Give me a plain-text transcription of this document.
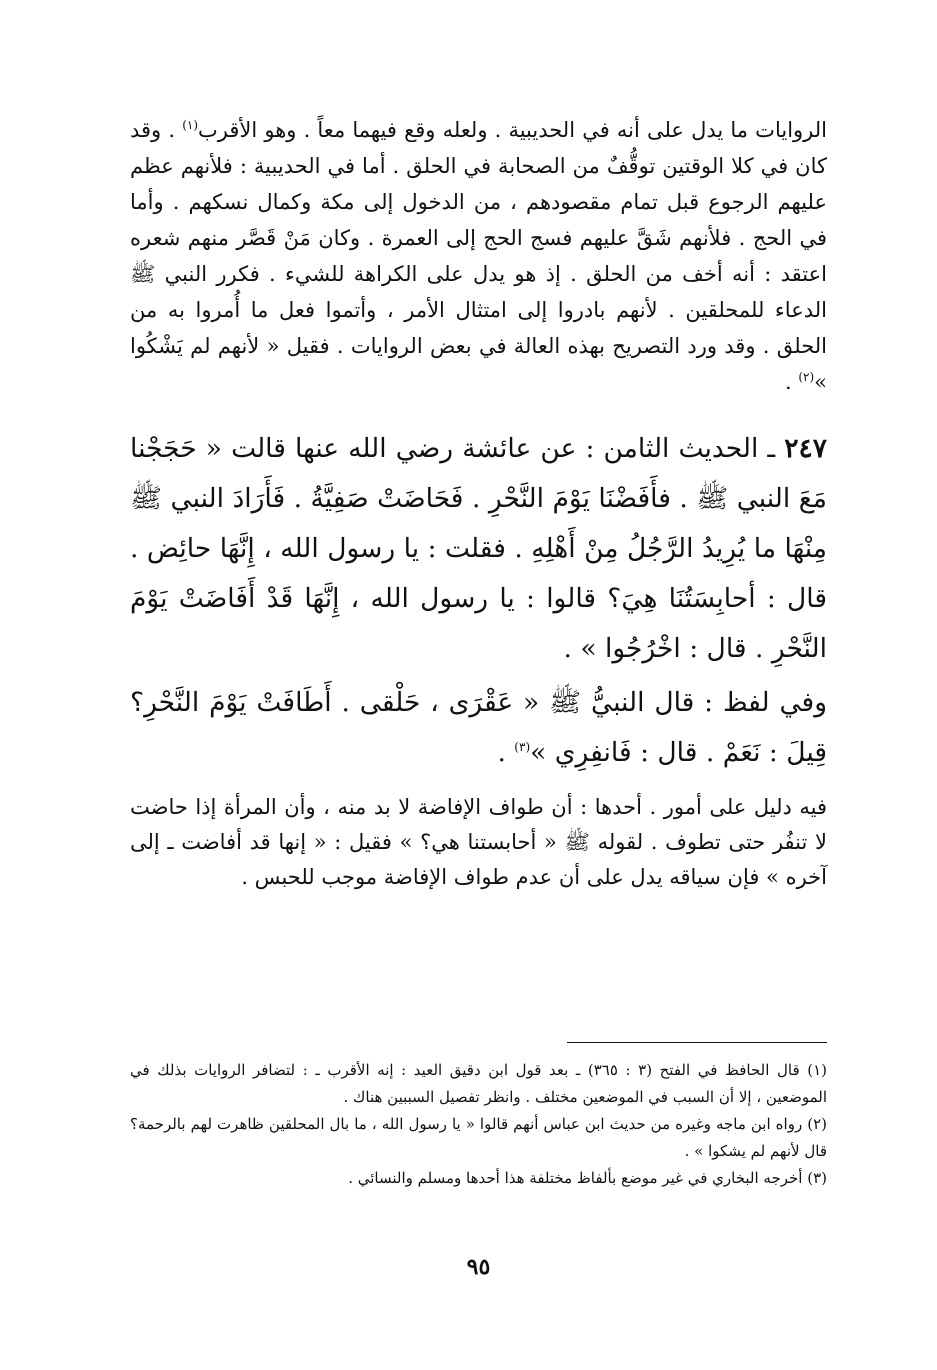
الروايات ما يدل على أنه في الحديبية . ولعله وقع فيهما معاً . وهو الأقرب$^{(١)}$ . وقد كان في كلا الوقتين توقُّفٌ من الصحابة في الحلق . أما في الحديبية : فلأنهم عظم عليهم الرجوع قبل تمام مقصودهم ، من الدخول إلى مكة وكمال نسكهم . وأما في الحج . فلأنهم شَقَّ عليهم فسج الحج إلى العمرة . وكان مَنْ قَصَّر منهم شعره اعتقد : أنه أخف من الحلق . إذ هو يدل على الكراهة للشيء . فكرر النبي ﷺ الدعاء للمحلقين . لأنهم بادروا إلى امتثال الأمر ، وأتموا فعل ما أُمروا به من الحلق . وقد ورد التصريح بهذه العالة في بعض الروايات . فقيل « لأنهم لم يَشْكُوا »$^{(٢)}$ .

٢٤٧ ـ الحديث الثامن : عن عائشة رضي الله عنها قالت « حَجَجْنا مَعَ النبي ﷺ . فأَفَضْنَا يَوْمَ النَّحْرِ . فَحَاضَتْ صَفِيَّةُ . فَأَرَادَ النبي ﷺ مِنْهَا ما يُرِيدُ الرَّجُلُ مِنْ أَهْلِهِ . فقلت : يا رسول الله ، إِنَّهَا حائِض . قال : أحابِسَتُنَا هِيَ؟ قالوا : يا رسول الله ، إِنَّهَا قَدْ أَفَاضَتْ يَوْمَ النَّحْرِ . قال : اخْرُجُوا » .

وفي لفظ : قال النبيُّ ﷺ « عَقْرَى ، حَلْقى . أَطَافَتْ يَوْمَ النَّحْرِ؟ قِيلَ : نَعَمْ . قال : فَانفِرِي »$^{(٣)}$ .

فيه دليل على أمور . أحدها : أن طواف الإفاضة لا بد منه ، وأن المرأة إذا حاضت لا تنفُر حتى تطوف . لقوله ﷺ « أحابستنا هي؟ » فقيل : « إنها قد أفاضت ـ إلى آخره » فإن سياقه يدل على أن عدم طواف الإفاضة موجب للحبس .

(١) قال الحافظ في الفتح (٣ : ٣٦٥) ـ بعد قول ابن دقيق العيد : إنه الأقرب ـ : لتضافر الروايات بذلك في الموضعين ، إلا أن السبب في الموضعين مختلف . وانظر تفصيل السببين هناك .

(٢) رواه ابن ماجه وغيره من حديث ابن عباس أنهم قالوا « يا رسول الله ، ما بال المحلقين ظاهرت لهم بالرحمة؟ قال لأنهم لم يشكوا » .

(٣) أخرجه البخاري في غير موضع بألفاظ مختلفة هذا أحدها ومسلم والنسائي .

٩٥
